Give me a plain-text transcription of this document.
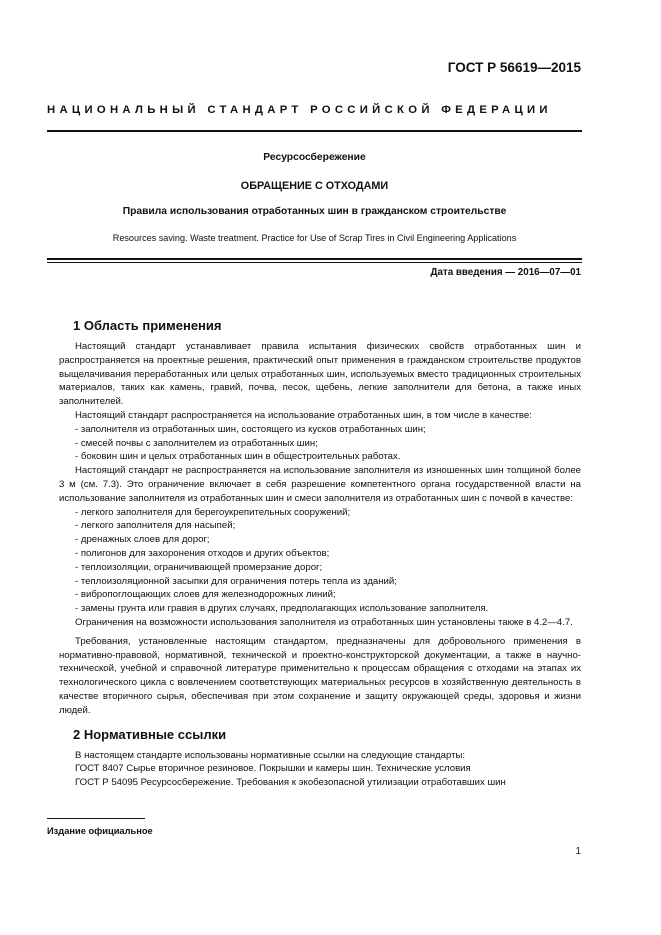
ГОСТ Р 56619—2015
НАЦИОНАЛЬНЫЙ СТАНДАРТ РОССИЙСКОЙ ФЕДЕРАЦИИ
Ресурсосбережение
ОБРАЩЕНИЕ С ОТХОДАМИ
Правила использования отработанных шин в гражданском строительстве
Resources saving. Waste treatment. Practice for Use of Scrap Tires in Civil Engineering Applications
Дата введения — 2016—07—01
1 Область применения

Настоящий стандарт устанавливает правила испытания физических свойств отработанных шин и распространяется на проектные решения, практический опыт применения в гражданском строительстве продуктов выщелачивания переработанных или целых отработанных шин, используемых вместо традиционных строительных материалов, таких как камень, гравий, почва, песок, щебень, легкие заполнители для бетона, а также иных заполнителей.

Настоящий стандарт распространяется на использование отработанных шин, в том числе в качестве:

- заполнителя из отработанных шин, состоящего из кусков отработанных шин;

- смесей почвы с заполнителем из отработанных шин;

- боковин шин и целых отработанных шин в общестроительных работах.

Настоящий стандарт не распространяется на использование заполнителя из изношенных шин толщиной более 3 м (см. 7.3). Это ограничение включает в себя разрешение компетентного органа государственной власти на использование заполнителя из отработанных шин и смеси заполнителя из отработанных шин с почвой в качестве:

- легкого заполнителя для берегоукрепительных сооружений;

- легкого заполнителя для насыпей;

- дренажных слоев для дорог;

- полигонов для захоронения отходов и других объектов;

- теплоизоляции, ограничивающей промерзание дорог;

- теплоизоляционной засыпки для ограничения потерь тепла из зданий;

- вибропоглощающих слоев для железнодорожных линий;

- замены грунта или гравия в других случаях, предполагающих использование заполнителя.

Ограничения на возможности использования заполнителя из отработанных шин установлены также в 4.2—4.7.

Требования, установленные настоящим стандартом, предназначены для добровольного применения в нормативно-правовой, нормативной, технической и проектно-конструкторской документации, а также в научно-технической, учебной и справочной литературе применительно к процессам обращения с отходами на этапах их технологического цикла с вовлечением соответствующих материальных ресурсов в хозяйственную деятельность в качестве вторичного сырья, обеспечивая при этом сохранение и защиту окружающей среды, здоровья и жизни людей.

2 Нормативные ссылки

В настоящем стандарте использованы нормативные ссылки на следующие стандарты:

ГОСТ 8407 Сырье вторичное резиновое. Покрышки и камеры шин. Технические условия

ГОСТ Р 54095 Ресурсосбережение. Требования к экобезопасной утилизации отработавших шин

Издание официальное
1
